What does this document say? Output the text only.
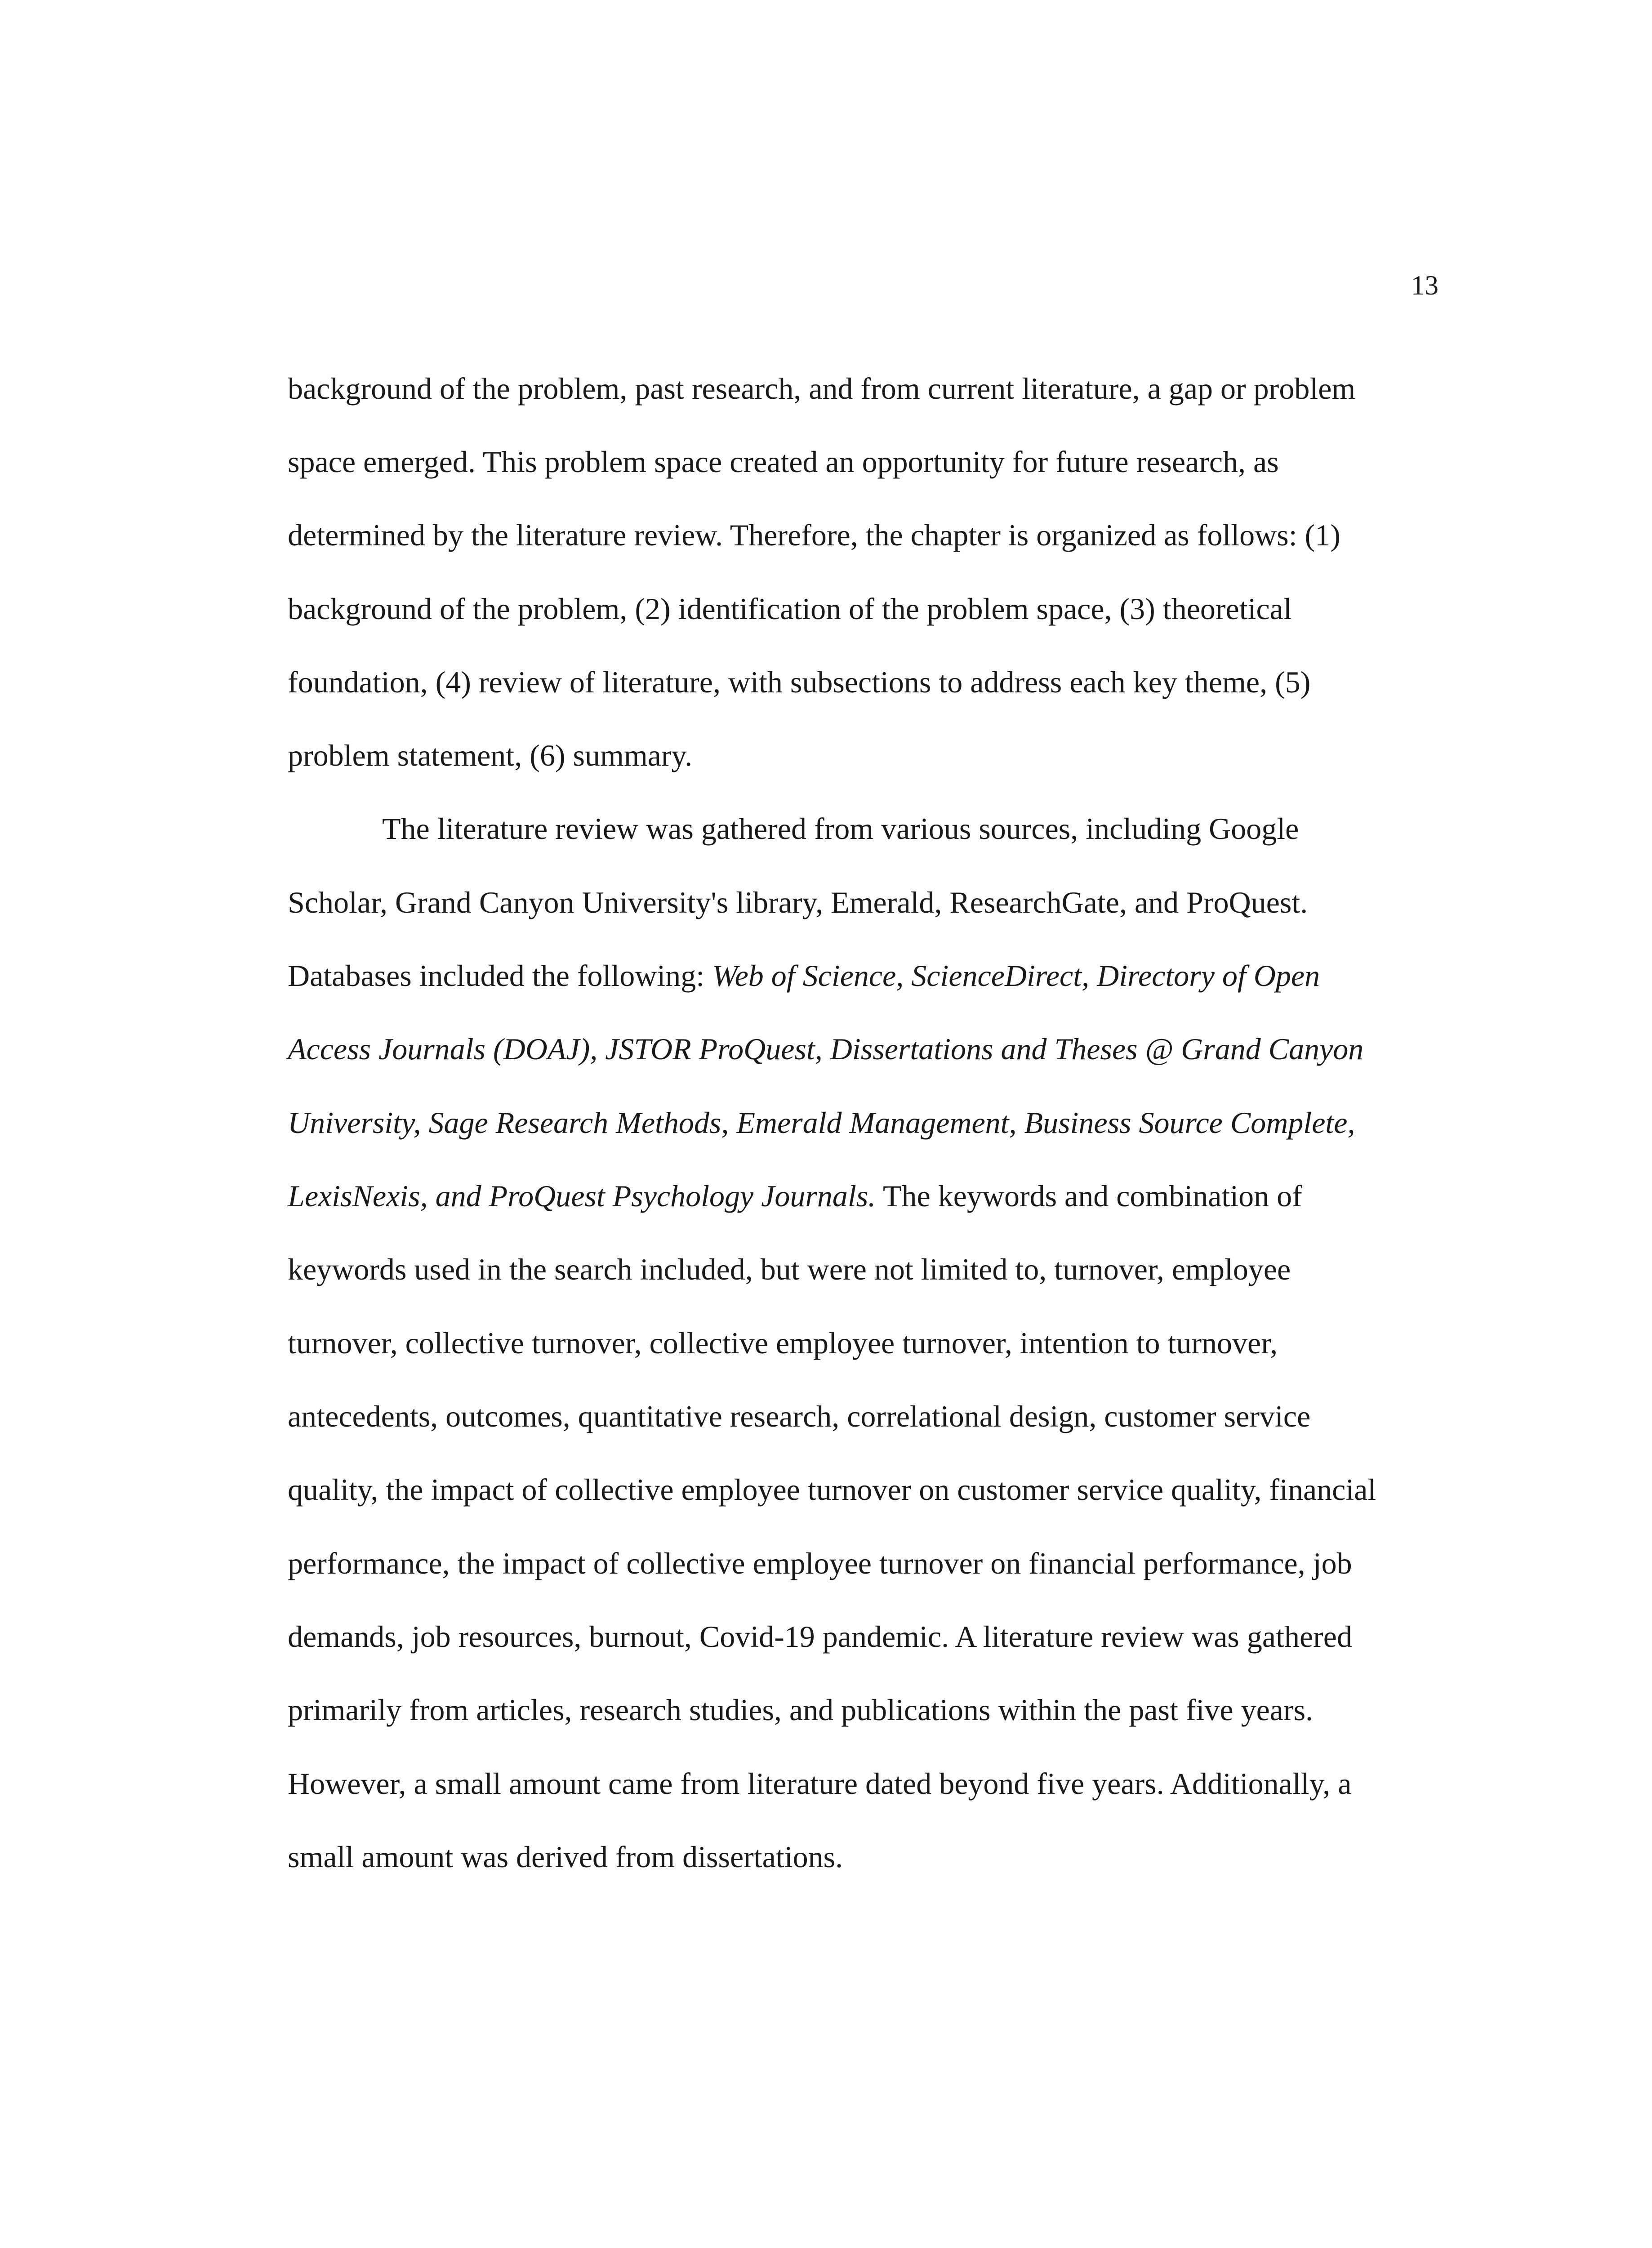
13
background of the problem, past research, and from current literature, a gap or problem
space emerged. This problem space created an opportunity for future research, as
determined by the literature review. Therefore, the chapter is organized as follows: (1)
background of the problem, (2) identification of the problem space, (3) theoretical
foundation, (4) review of literature, with subsections to address each key theme, (5)
problem statement, (6) summary.
The literature review was gathered from various sources, including Google
Scholar, Grand Canyon University's library, Emerald, ResearchGate, and ProQuest.
Databases included the following: Web of Science, ScienceDirect, Directory of Open
Access Journals (DOAJ), JSTOR ProQuest, Dissertations and Theses @ Grand Canyon
University, Sage Research Methods, Emerald Management, Business Source Complete,
LexisNexis, and ProQuest Psychology Journals. The keywords and combination of
keywords used in the search included, but were not limited to, turnover, employee
turnover, collective turnover, collective employee turnover, intention to turnover,
antecedents, outcomes, quantitative research, correlational design, customer service
quality, the impact of collective employee turnover on customer service quality, financial
performance, the impact of collective employee turnover on financial performance, job
demands, job resources, burnout, Covid-19 pandemic. A literature review was gathered
primarily from articles, research studies, and publications within the past five years.
However, a small amount came from literature dated beyond five years. Additionally, a
small amount was derived from dissertations.
